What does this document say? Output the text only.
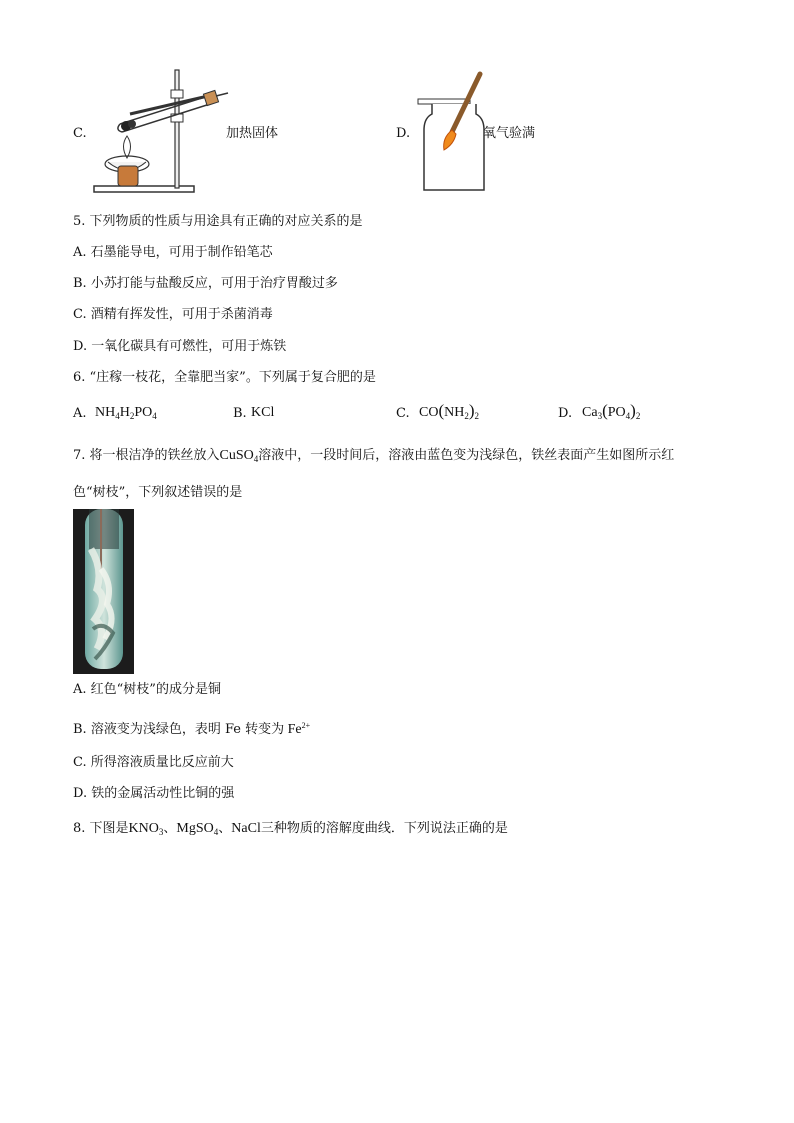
C.	加热固体	D.	氧气验满
5. 下列物质的性质与用途具有正确的对应关系的是
A. 石墨能导电，可用于制作铅笔芯
B. 小苏打能与盐酸反应，可用于治疗胃酸过多
C. 酒精有挥发性，可用于杀菌消毒
D. 一氧化碳具有可燃性，可用于炼铁
6. “庄稼一枝花，全靠肥当家”。下列属于复合肥的是
A. $NH_4H_2PO_4$	B. KCl	C. $CO(NH_2)_2$	D. $Ca_3(PO_4)_2$
7. 将一根洁净的铁丝放入CuSO$_4$溶液中，一段时间后，溶液由蓝色变为浅绿色，铁丝表面产生如图所示红
色“树枝”，下列叙述错误的是
A. 红色“树枝”的成分是铜
B. 溶液变为浅绿色，表明 Fe 转变为 $Fe^{2+}$
C. 所得溶液质量比反应前大
D. 铁的金属活动性比铜的强
8. 下图是$KNO_3$、MgSO$_4$、NaCl三种物质的溶解度曲线．下列说法正确的是
